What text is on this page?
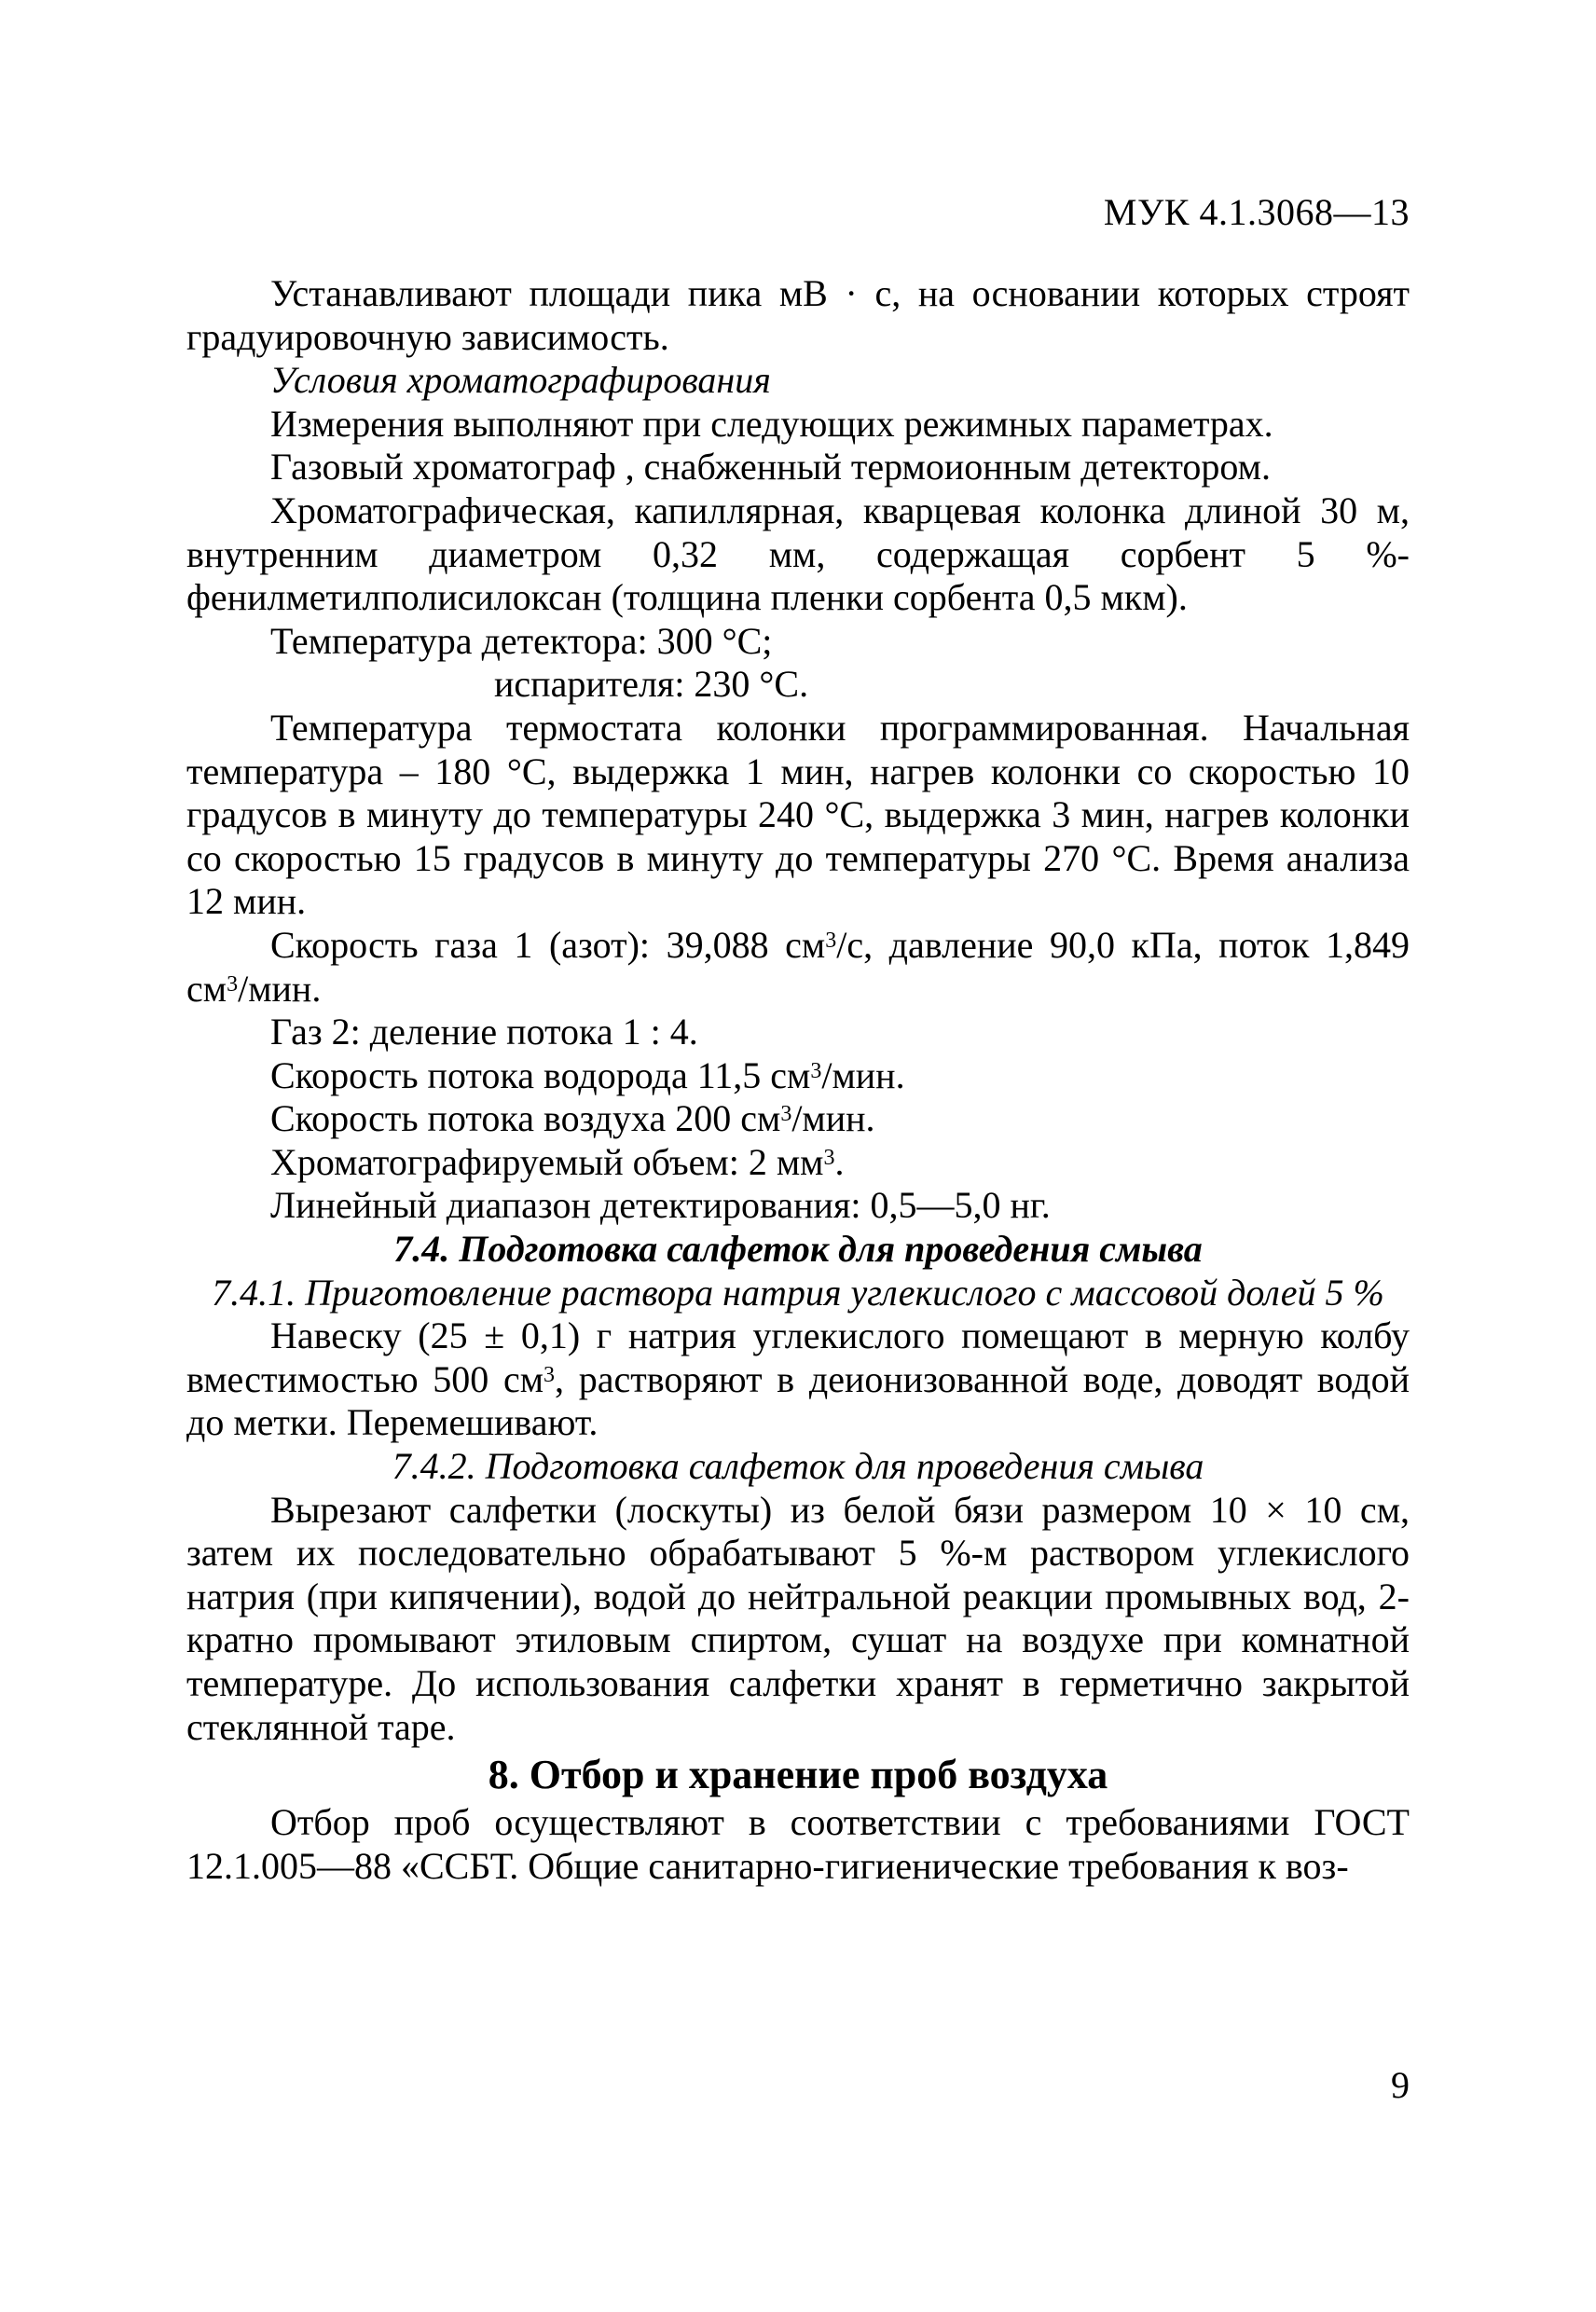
МУК 4.1.3068—13

Устанавливают площади пика мВ · с, на основании которых строят градуировочную зависимость.

Условия хроматографирования

Измерения выполняют при следующих режимных параметрах.

Газовый хроматограф , снабженный термоионным детектором.

Хроматографическая, капиллярная, кварцевая колонка длиной 30 м, внутренним диаметром 0,32 мм, содержащая сорбент 5 %-фенилметилполисилоксан (толщина пленки сорбента 0,5 мкм).

Температура детектора: 300 °С;

испарителя: 230 °С.

Температура термостата колонки программированная. Начальная температура – 180 °С, выдержка 1 мин, нагрев колонки со скоростью 10 градусов в минуту до температуры 240 °С, выдержка 3 мин, нагрев колонки со скоростью 15 градусов в минуту до температуры 270 °С. Время анализа 12 мин.

Скорость газа 1 (азот): 39,088 $см^3/с$, давление 90,0 кПа, поток 1,849 $см^3$/мин.

Газ 2: деление потока 1 : 4.

Скорость потока водорода 11,5 $см^3$/мин.

Скорость потока воздуха 200 $см^3$/мин.

Хроматографируемый объем: 2 $мм^3$.

Линейный диапазон детектирования: 0,5—5,0 нг.

7.4. Подготовка салфеток для проведения смыва

7.4.1. Приготовление раствора натрия углекислого с массовой долей 5 %

Навеску (25 ± 0,1) г натрия углекислого помещают в мерную колбу вместимостью 500 $см^3$, растворяют в деионизованной воде, доводят водой до метки. Перемешивают.

7.4.2. Подготовка салфеток для проведения смыва

Вырезают салфетки (лоскуты) из белой бязи размером 10 × 10 см, затем их последовательно обрабатывают 5 %-м раствором углекислого натрия (при кипячении), водой до нейтральной реакции промывных вод, 2-кратно промывают этиловым спиртом, сушат на воздухе при комнатной температуре. До использования салфетки хранят в герметично закрытой стеклянной таре.

8. Отбор и хранение проб воздуха

Отбор проб осуществляют в соответствии с требованиями ГОСТ 12.1.005—88 «ССБТ. Общие санитарно-гигиенические требования к воз-

9
